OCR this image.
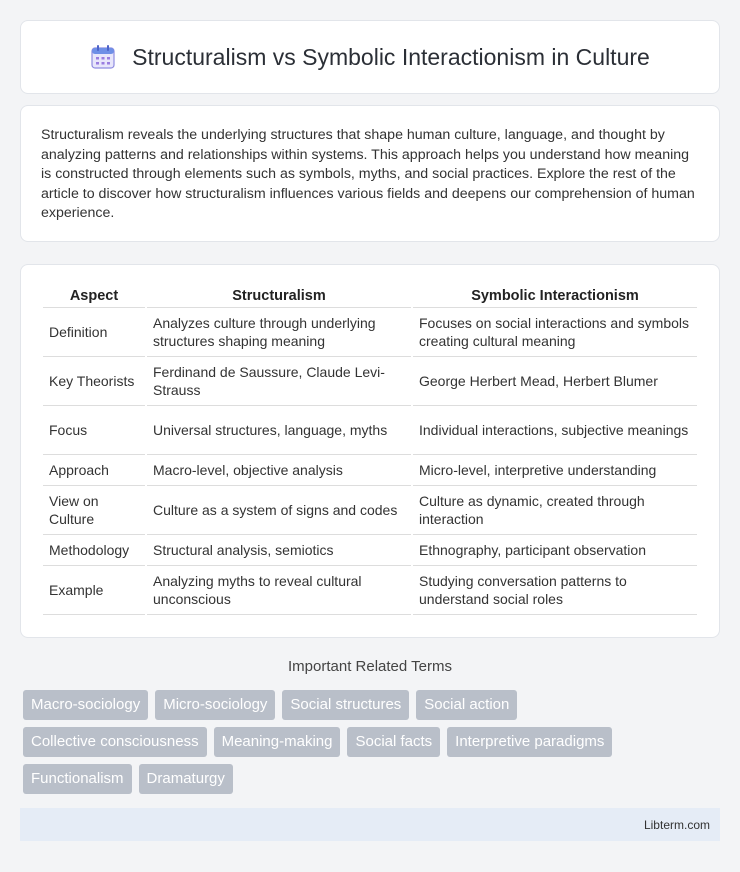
Structuralism vs Symbolic Interactionism in Culture

Structuralism reveals the underlying structures that shape human culture, language, and thought by analyzing patterns and relationships within systems. This approach helps you understand how meaning is constructed through elements such as symbols, myths, and social practices. Explore the rest of the article to discover how structuralism influences various fields and deepens our comprehension of human experience.

Aspect	Structuralism	Symbolic Interactionism
Definition	Analyzes culture through underlying structures shaping meaning	Focuses on social interactions and symbols creating cultural meaning
Key Theorists	Ferdinand de Saussure, Claude Levi-Strauss	George Herbert Mead, Herbert Blumer
Focus	Universal structures, language, myths	Individual interactions, subjective meanings
Approach	Macro-level, objective analysis	Micro-level, interpretive understanding
View on Culture	Culture as a system of signs and codes	Culture as dynamic, created through interaction
Methodology	Structural analysis, semiotics	Ethnography, participant observation
Example	Analyzing myths to reveal cultural unconscious	Studying conversation patterns to understand social roles
Important Related Terms
Macro-sociology	Micro-sociology	Social structures	Social action
Collective consciousness	Meaning-making	Social facts	Interpretive paradigms
Functionalism	Dramaturgy
Libterm.com
